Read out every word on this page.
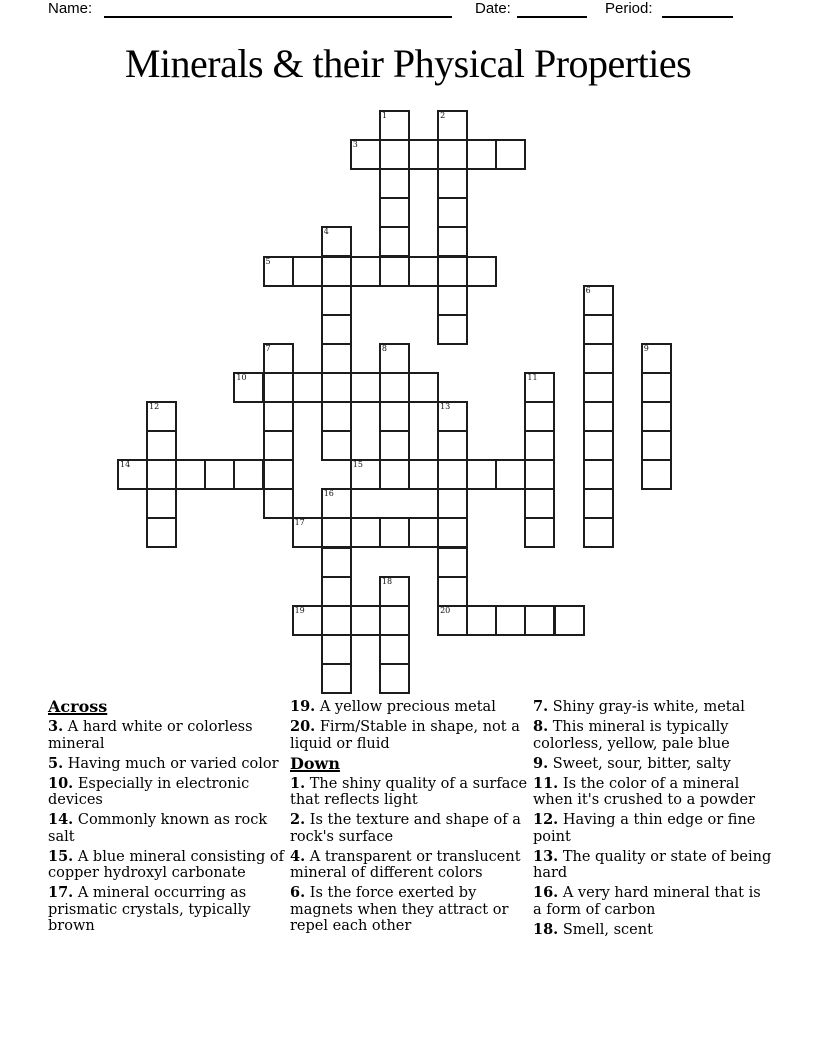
Name:	Date:	Period:
Minerals & their Physical Properties
1	2
3
4
5
6
7	8	9
10	11
12	13
20
14	15
16
17
18
19

Across

3. A hard white or colorless mineral

5. Having much or varied color

10. Especially in electronic devices

14. Commonly known as rock salt

15. A blue mineral consisting of copper hydroxyl carbonate

17. A mineral occurring as prismatic crystals, typically brown

19. A yellow precious metal

20. Firm/Stable in shape, not a liquid or fluid

Down

1. The shiny quality of a surface that reflects light

2. Is the texture and shape of a rock's surface

4. A transparent or translucent mineral of different colors

6. Is the force exerted by magnets when they attract or repel each other

7. Shiny gray-is white, metal

8. This mineral is typically colorless, yellow, pale blue

9. Sweet, sour, bitter, salty

11. Is the color of a mineral when it's crushed to a powder

12. Having a thin edge or fine point

13. The quality or state of being hard

16. A very hard mineral that is a form of carbon

18. Smell, scent
